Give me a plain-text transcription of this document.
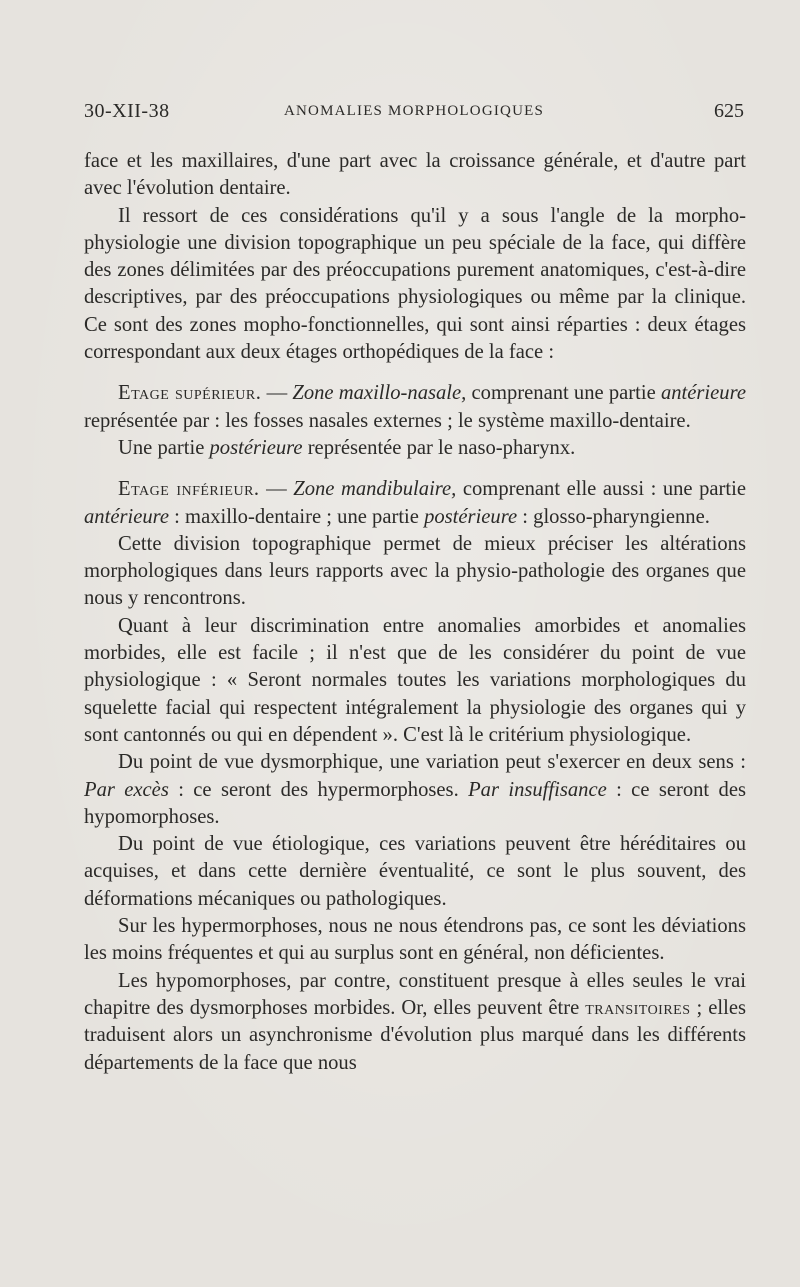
30-XII-38	ANOMALIES MORPHOLOGIQUES	625

face et les maxillaires, d'une part avec la croissance générale, et d'autre part avec l'évolution dentaire.

Il ressort de ces considérations qu'il y a sous l'angle de la morpho-physiologie une division topographique un peu spéciale de la face, qui diffère des zones délimitées par des préoccupations purement anatomiques, c'est-à-dire descriptives, par des préoccupations physiologiques ou même par la clinique. Ce sont des zones mopho-fonctionnelles, qui sont ainsi réparties : deux étages correspondant aux deux étages orthopédiques de la face :

Etage supérieur. — Zone maxillo-nasale, comprenant une partie antérieure représentée par : les fosses nasales externes ; le système maxillo-dentaire.

Une partie postérieure représentée par le naso-pharynx.

Etage inférieur. — Zone mandibulaire, comprenant elle aussi : une partie antérieure : maxillo-dentaire ; une partie postérieure : glosso-pharyngienne.

Cette division topographique permet de mieux préciser les altérations morphologiques dans leurs rapports avec la physio-pathologie des organes que nous y rencontrons.

Quant à leur discrimination entre anomalies amorbides et anomalies morbides, elle est facile ; il n'est que de les considérer du point de vue physiologique : « Seront normales toutes les variations morphologiques du squelette facial qui respectent intégralement la physiologie des organes qui y sont cantonnés ou qui en dépendent ». C'est là le critérium physiologique.

Du point de vue dysmorphique, une variation peut s'exercer en deux sens : Par excès : ce seront des hypermorphoses. Par insuffisance : ce seront des hypomorphoses.

Du point de vue étiologique, ces variations peuvent être héréditaires ou acquises, et dans cette dernière éventualité, ce sont le plus souvent, des déformations mécaniques ou pathologiques.

Sur les hypermorphoses, nous ne nous étendrons pas, ce sont les déviations les moins fréquentes et qui au surplus sont en général, non déficientes.

Les hypomorphoses, par contre, constituent presque à elles seules le vrai chapitre des dysmorphoses morbides. Or, elles peuvent être transitoires ; elles traduisent alors un asynchronisme d'évolution plus marqué dans les différents départements de la face que nous
